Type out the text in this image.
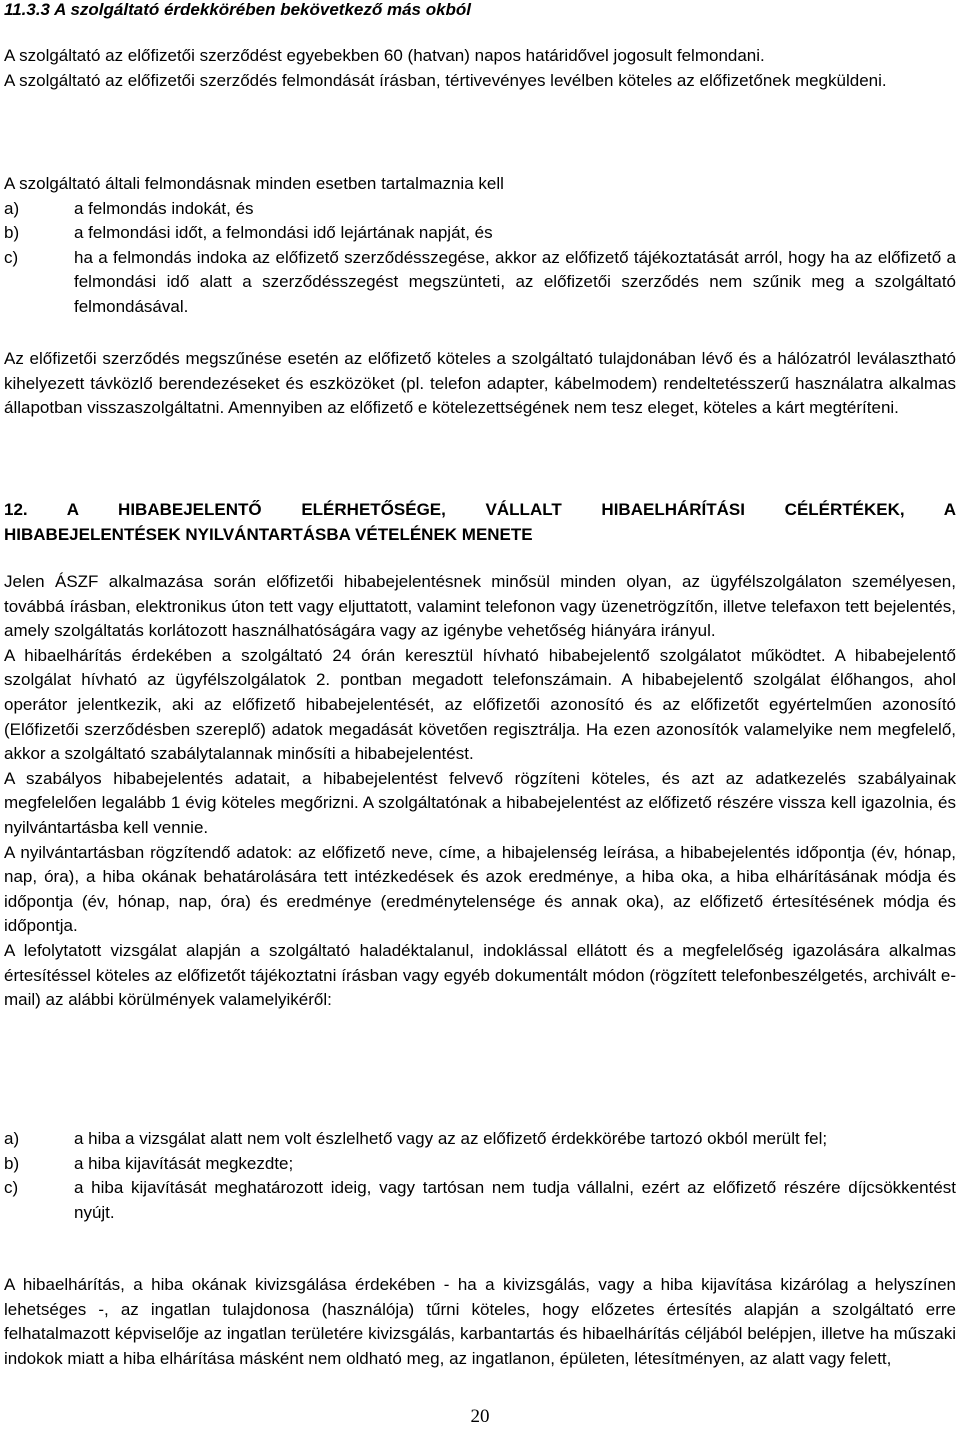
11.3.3 A szolgáltató érdekkörében bekövetkező más okból

A szolgáltató az előfizetői szerződést egyebekben 60 (hatvan) napos határidővel jogosult felmondani.

A szolgáltató az előfizetői szerződés felmondását írásban, tértivevényes levélben köteles az előfizetőnek megküldeni.

A szolgáltató általi felmondásnak minden esetben tartalmaznia kell

a)	a felmondás indokát, és
b)	a felmondási időt, a felmondási idő lejártának napját, és
c)	ha a felmondás indoka az előfizető szerződésszegése, akkor az előfizető tájékoztatását arról, hogy ha az előfizető a felmondási idő alatt a szerződésszegést megszünteti, az előfizetői szerződés nem szűnik meg a szolgáltató felmondásával.

Az előfizetői szerződés megszűnése esetén az előfizető köteles a szolgáltató tulajdonában lévő és a hálózatról leválasztható kihelyezett távközlő berendezéseket és eszközöket (pl. telefon adapter, kábelmodem) rendeltetésszerű használatra alkalmas állapotban visszaszolgáltatni. Amennyiben az előfizető e kötelezettségének nem tesz eleget, köteles a kárt megtéríteni.

12. A HIBABEJELENTŐ ELÉRHETŐSÉGE, VÁLLALT HIBAELHÁRÍTÁSI CÉLÉRTÉKEK, A
HIBABEJELENTÉSEK NYILVÁNTARTÁSBA VÉTELÉNEK MENETE

Jelen ÁSZF alkalmazása során előfizetői hibabejelentésnek minősül minden olyan, az ügyfélszolgálaton személyesen, továbbá írásban, elektronikus úton tett vagy eljuttatott, valamint telefonon vagy üzenetrögzítőn, illetve telefaxon tett bejelentés, amely szolgáltatás korlátozott használhatóságára vagy az igénybe vehetőség hiányára irányul.

A hibaelhárítás érdekében a szolgáltató 24 órán keresztül hívható hibabejelentő szolgálatot működtet. A hibabejelentő szolgálat hívható az ügyfélszolgálatok 2. pontban megadott telefonszámain. A hibabejelentő szolgálat élőhangos, ahol operátor jelentkezik, aki az előfizető hibabejelentését, az előfizetői azonosító és az előfizetőt egyértelműen azonosító (Előfizetői szerződésben szereplő) adatok megadását követően regisztrálja. Ha ezen azonosítók valamelyike nem megfelelő, akkor a szolgáltató szabálytalannak minősíti a hibabejelentést.

A szabályos hibabejelentés adatait, a hibabejelentést felvevő rögzíteni köteles, és azt az adatkezelés szabályainak megfelelően legalább 1 évig köteles megőrizni. A szolgáltatónak a hibabejelentést az előfizető részére vissza kell igazolnia, és nyilvántartásba kell vennie.

A nyilvántartásban rögzítendő adatok: az előfizető neve, címe, a hibajelenség leírása, a hibabejelentés időpontja (év, hónap, nap, óra), a hiba okának behatárolására tett intézkedések és azok eredménye, a hiba oka, a hiba elhárításának módja és időpontja (év, hónap, nap, óra) és eredménye (eredménytelensége és annak oka), az előfizető értesítésének módja és időpontja.

A lefolytatott vizsgálat alapján a szolgáltató haladéktalanul, indoklással ellátott és a megfelelőség igazolására alkalmas értesítéssel köteles az előfizetőt tájékoztatni írásban vagy egyéb dokumentált módon (rögzített telefonbeszélgetés, archivált e-mail) az alábbi körülmények valamelyikéről:

a)	a hiba a vizsgálat alatt nem volt észlelhető vagy az az előfizető érdekkörébe tartozó okból merült fel;
b)	a hiba kijavítását megkezdte;
c)	a hiba kijavítását meghatározott ideig, vagy tartósan nem tudja vállalni, ezért az előfizető részére díjcsökkentést nyújt.

A hibaelhárítás, a hiba okának kivizsgálása érdekében - ha a kivizsgálás, vagy a hiba kijavítása kizárólag a helyszínen lehetséges -, az ingatlan tulajdonosa (használója) tűrni köteles, hogy előzetes értesítés alapján a szolgáltató erre felhatalmazott képviselője az ingatlan területére kivizsgálás, karbantartás és hibaelhárítás céljából belépjen, illetve ha műszaki indokok miatt a hiba elhárítása másként nem oldható meg, az ingatlanon, épületen, létesítményen, az alatt vagy felett,

20
